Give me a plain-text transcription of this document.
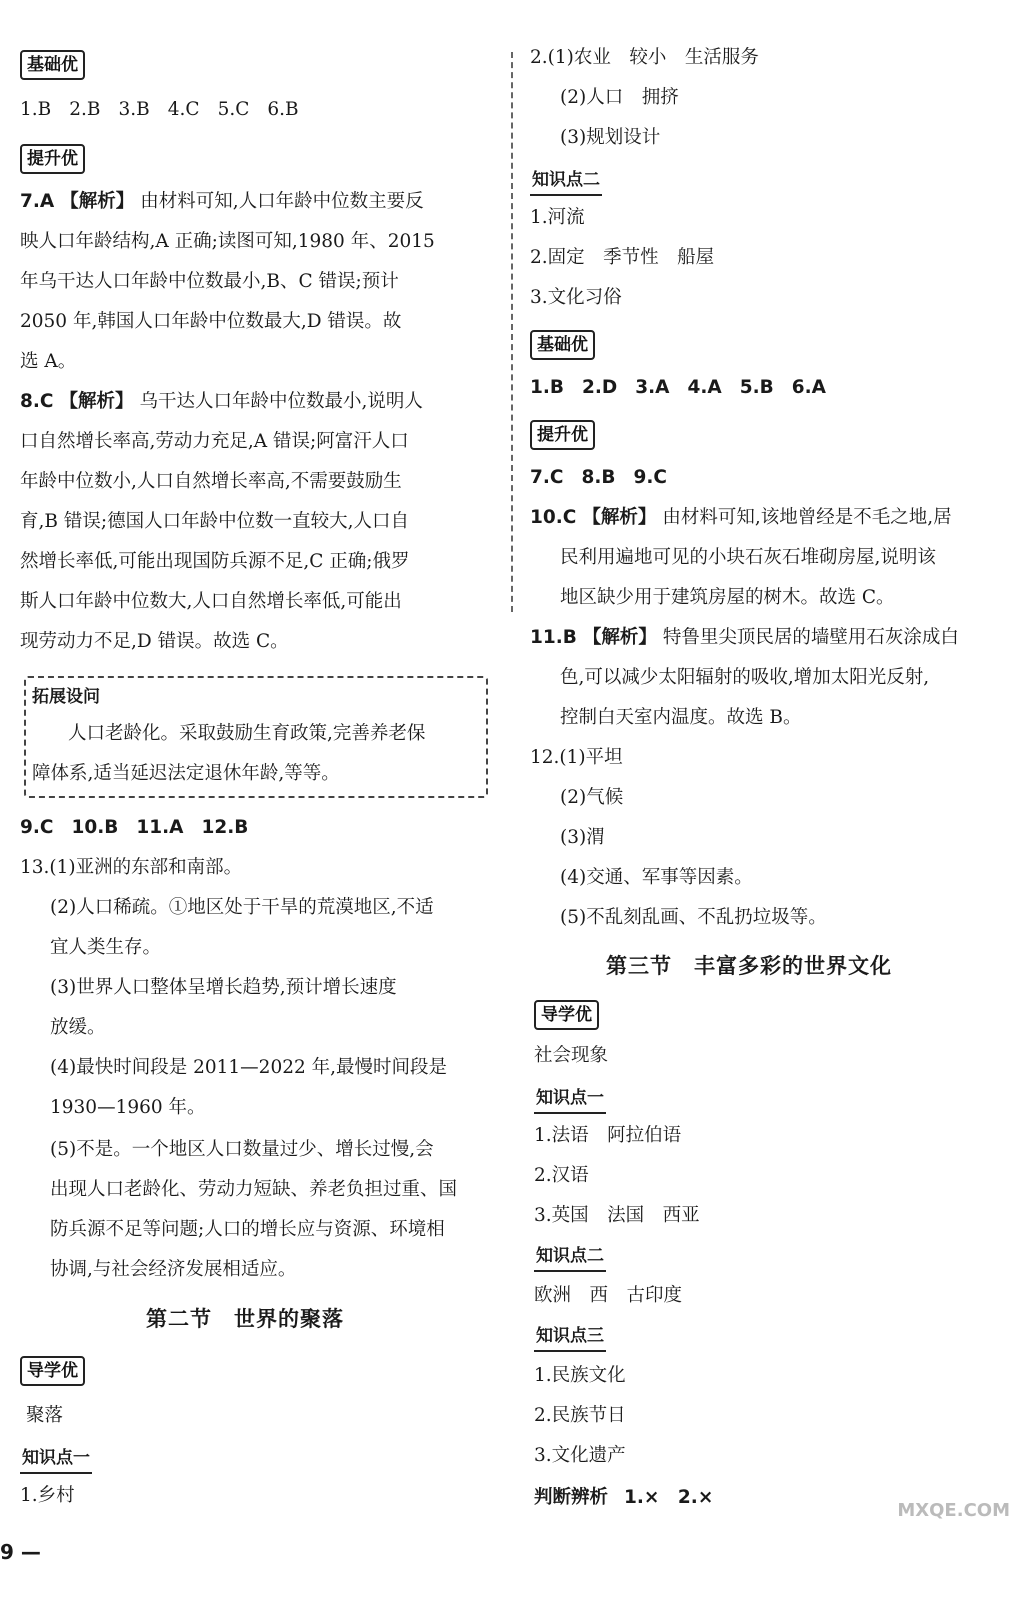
基础优
1.B 2.B 3.B 4.C 5.C 6.B
提升优
7.A 【解析】 由材料可知,人口年龄中位数主要反
映人口年龄结构,A 正确;读图可知,1980 年、2015
年乌干达人口年龄中位数最小,B、C 错误;预计
2050 年,韩国人口年龄中位数最大,D 错误。故
选 A。
8.C 【解析】 乌干达人口年龄中位数最小,说明人
口自然增长率高,劳动力充足,A 错误;阿富汗人口
年龄中位数小,人口自然增长率高,不需要鼓励生
育,B 错误;德国人口年龄中位数一直较大,人口自
然增长率低,可能出现国防兵源不足,C 正确;俄罗
斯人口年龄中位数大,人口自然增长率低,可能出
现劳动力不足,D 错误。故选 C。
拓展设问
人口老龄化。采取鼓励生育政策,完善养老保
障体系,适当延迟法定退休年龄,等等。
9.C 10.B 11.A 12.B
13.(1)亚洲的东部和南部。
(2)人口稀疏。①地区处于干旱的荒漠地区,不适
宜人类生存。
(3)世界人口整体呈增长趋势,预计增长速度
放缓。
(4)最快时间段是 2011—2022 年,最慢时间段是
1930—1960 年。
(5)不是。一个地区人口数量过少、增长过慢,会
出现人口老龄化、劳动力短缺、养老负担过重、国
防兵源不足等问题;人口的增长应与资源、环境相
协调,与社会经济发展相适应。
第二节　世界的聚落
导学优
聚落
知识点一
1.乡村
2.(1)农业　较小　生活服务
(2)人口　拥挤
(3)规划设计
知识点二
1.河流
2.固定　季节性　船屋
3.文化习俗
基础优
1.B 2.D 3.A 4.A 5.B 6.A
提升优
7.C 8.B 9.C
10.C 【解析】 由材料可知,该地曾经是不毛之地,居
民利用遍地可见的小块石灰石堆砌房屋,说明该
地区缺少用于建筑房屋的树木。故选 C。
11.B 【解析】 特鲁里尖顶民居的墙壁用石灰涂成白
色,可以减少太阳辐射的吸收,增加太阳光反射,
控制白天室内温度。故选 B。
12.(1)平坦
(2)气候
(3)渭
(4)交通、军事等因素。
(5)不乱刻乱画、不乱扔垃圾等。
第三节　丰富多彩的世界文化
导学优
社会现象
知识点一
1.法语　阿拉伯语
2.汉语
3.英国　法国　西亚
知识点二
欧洲　西　古印度
知识点三
1.民族文化
2.民族节日
3.文化遗产
判断辨析 1.×　2.×
9 —
MXQE.COM
